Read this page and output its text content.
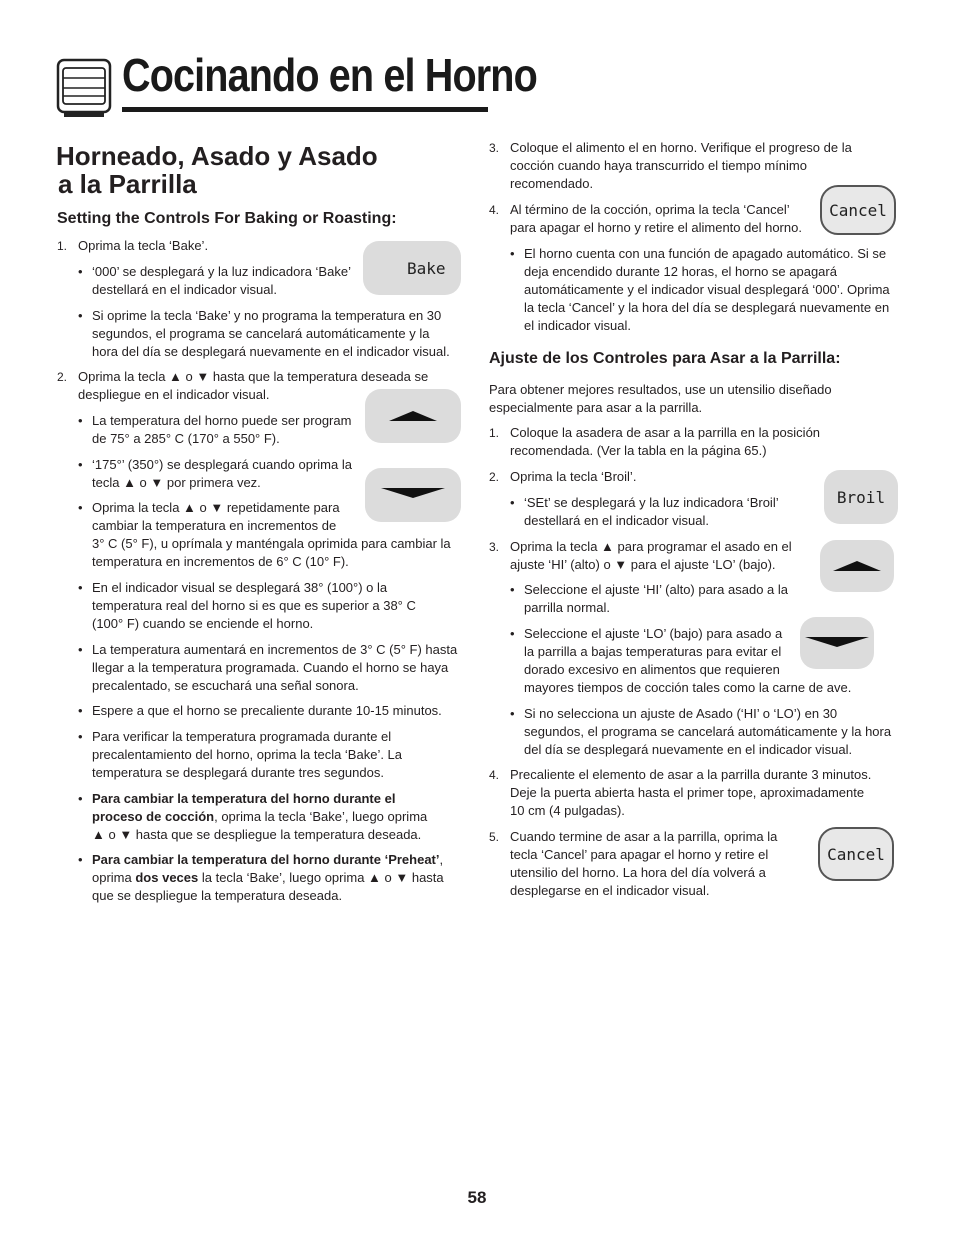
Cocinando en el Horno
Horneado, Asado y Asado
a la Parrilla
Setting the Controls For Baking or Roasting:
1. Oprima la tecla ‘Bake’.
• ‘000’ se desplegará y la luz indicadora ‘Bake’
destellará en el indicador visual.
• Si oprime la tecla ‘Bake’ y no programa la temperatura en 30
segundos, el programa se cancelará automáticamente y la
hora del día se desplegará nuevamente en el indicador visual.
2. Oprima la tecla ▲ o ▼ hasta que la temperatura deseada se
despliegue en el indicador visual.
• La temperatura del horno puede ser program
de 75° a 285° C (170° a 550° F).
• ‘175°’ (350°) se desplegará cuando oprima la
tecla ▲ o ▼ por primera vez.
• Oprima la tecla ▲ o ▼ repetidamente para
cambiar la temperatura en incrementos de
3° C (5° F), u oprímala y manténgala oprimida para cambiar la
temperatura en incrementos de 6° C (10° F).
• En el indicador visual se desplegará 38° (100°) o la
temperatura real del horno si es que es superior a 38° C
(100° F) cuando se enciende el horno.
• La temperatura aumentará en incrementos de 3° C (5° F) hasta
llegar a la temperatura programada. Cuando el horno se haya
precalentado, se escuchará una señal sonora.
• Espere a que el horno se precaliente durante 10-15 minutos.
• Para verificar la temperatura programada durante el
precalentamiento del horno, oprima la tecla ‘Bake’. La
temperatura se desplegará durante tres segundos.
• Para cambiar la temperatura del horno durante el
proceso de cocción, oprima la tecla ‘Bake’, luego oprima
▲ o ▼ hasta que se despliegue la temperatura deseada.
• Para cambiar la temperatura del horno durante ‘Preheat’,
oprima dos veces la tecla ‘Bake’, luego oprima ▲ o ▼ hasta
que se despliegue la temperatura deseada.
Bake
3. Coloque el alimento el en horno. Verifique el progreso de la
cocción cuando haya transcurrido el tiempo mínimo
recomendado.
4. Al término de la cocción, oprima la tecla ‘Cancel’
para apagar el horno y retire el alimento del horno.
• El horno cuenta con una función de apagado automático. Si se
deja encendido durante 12 horas, el horno se apagará
automáticamente y el indicador visual desplegará ‘000’. Oprima
la tecla ‘Cancel’ y la hora del día se desplegará nuevamente en
el indicador visual.
Ajuste de los Controles para Asar a la Parrilla:
Para obtener mejores resultados, use un utensilio diseñado
especialmente para asar a la parrilla.
1. Coloque la asadera de asar a la parrilla en la posición
recomendada. (Ver la tabla en la página 65.)
2. Oprima la tecla ‘Broil’.
• ‘SEt’ se desplegará y la luz indicadora ‘Broil’
destellará en el indicador visual.
3. Oprima la tecla ▲ para programar el asado en el
ajuste ‘HI’ (alto) o ▼ para el ajuste ‘LO’ (bajo).
• Seleccione el ajuste ‘HI’ (alto) para asado a la
parrilla normal.
• Seleccione el ajuste ‘LO’ (bajo) para asado a
la parrilla a bajas temperaturas para evitar el
dorado excesivo en alimentos que requieren
mayores tiempos de cocción tales como la carne de ave.
• Si no selecciona un ajuste de Asado (‘HI’ o ‘LO’) en 30
segundos, el programa se cancelará automáticamente y la hora
del día se desplegará nuevamente en el indicador visual.
4. Precaliente el elemento de asar a la parrilla durante 3 minutos.
Deje la puerta abierta hasta el primer tope, aproximadamente
10 cm (4 pulgadas).
5. Cuando termine de asar a la parrilla, oprima la
tecla ‘Cancel’ para apagar el horno y retire el
utensilio del horno. La hora del día volverá a
desplegarse en el indicador visual.
Cancel
Broil
Cancel
58
